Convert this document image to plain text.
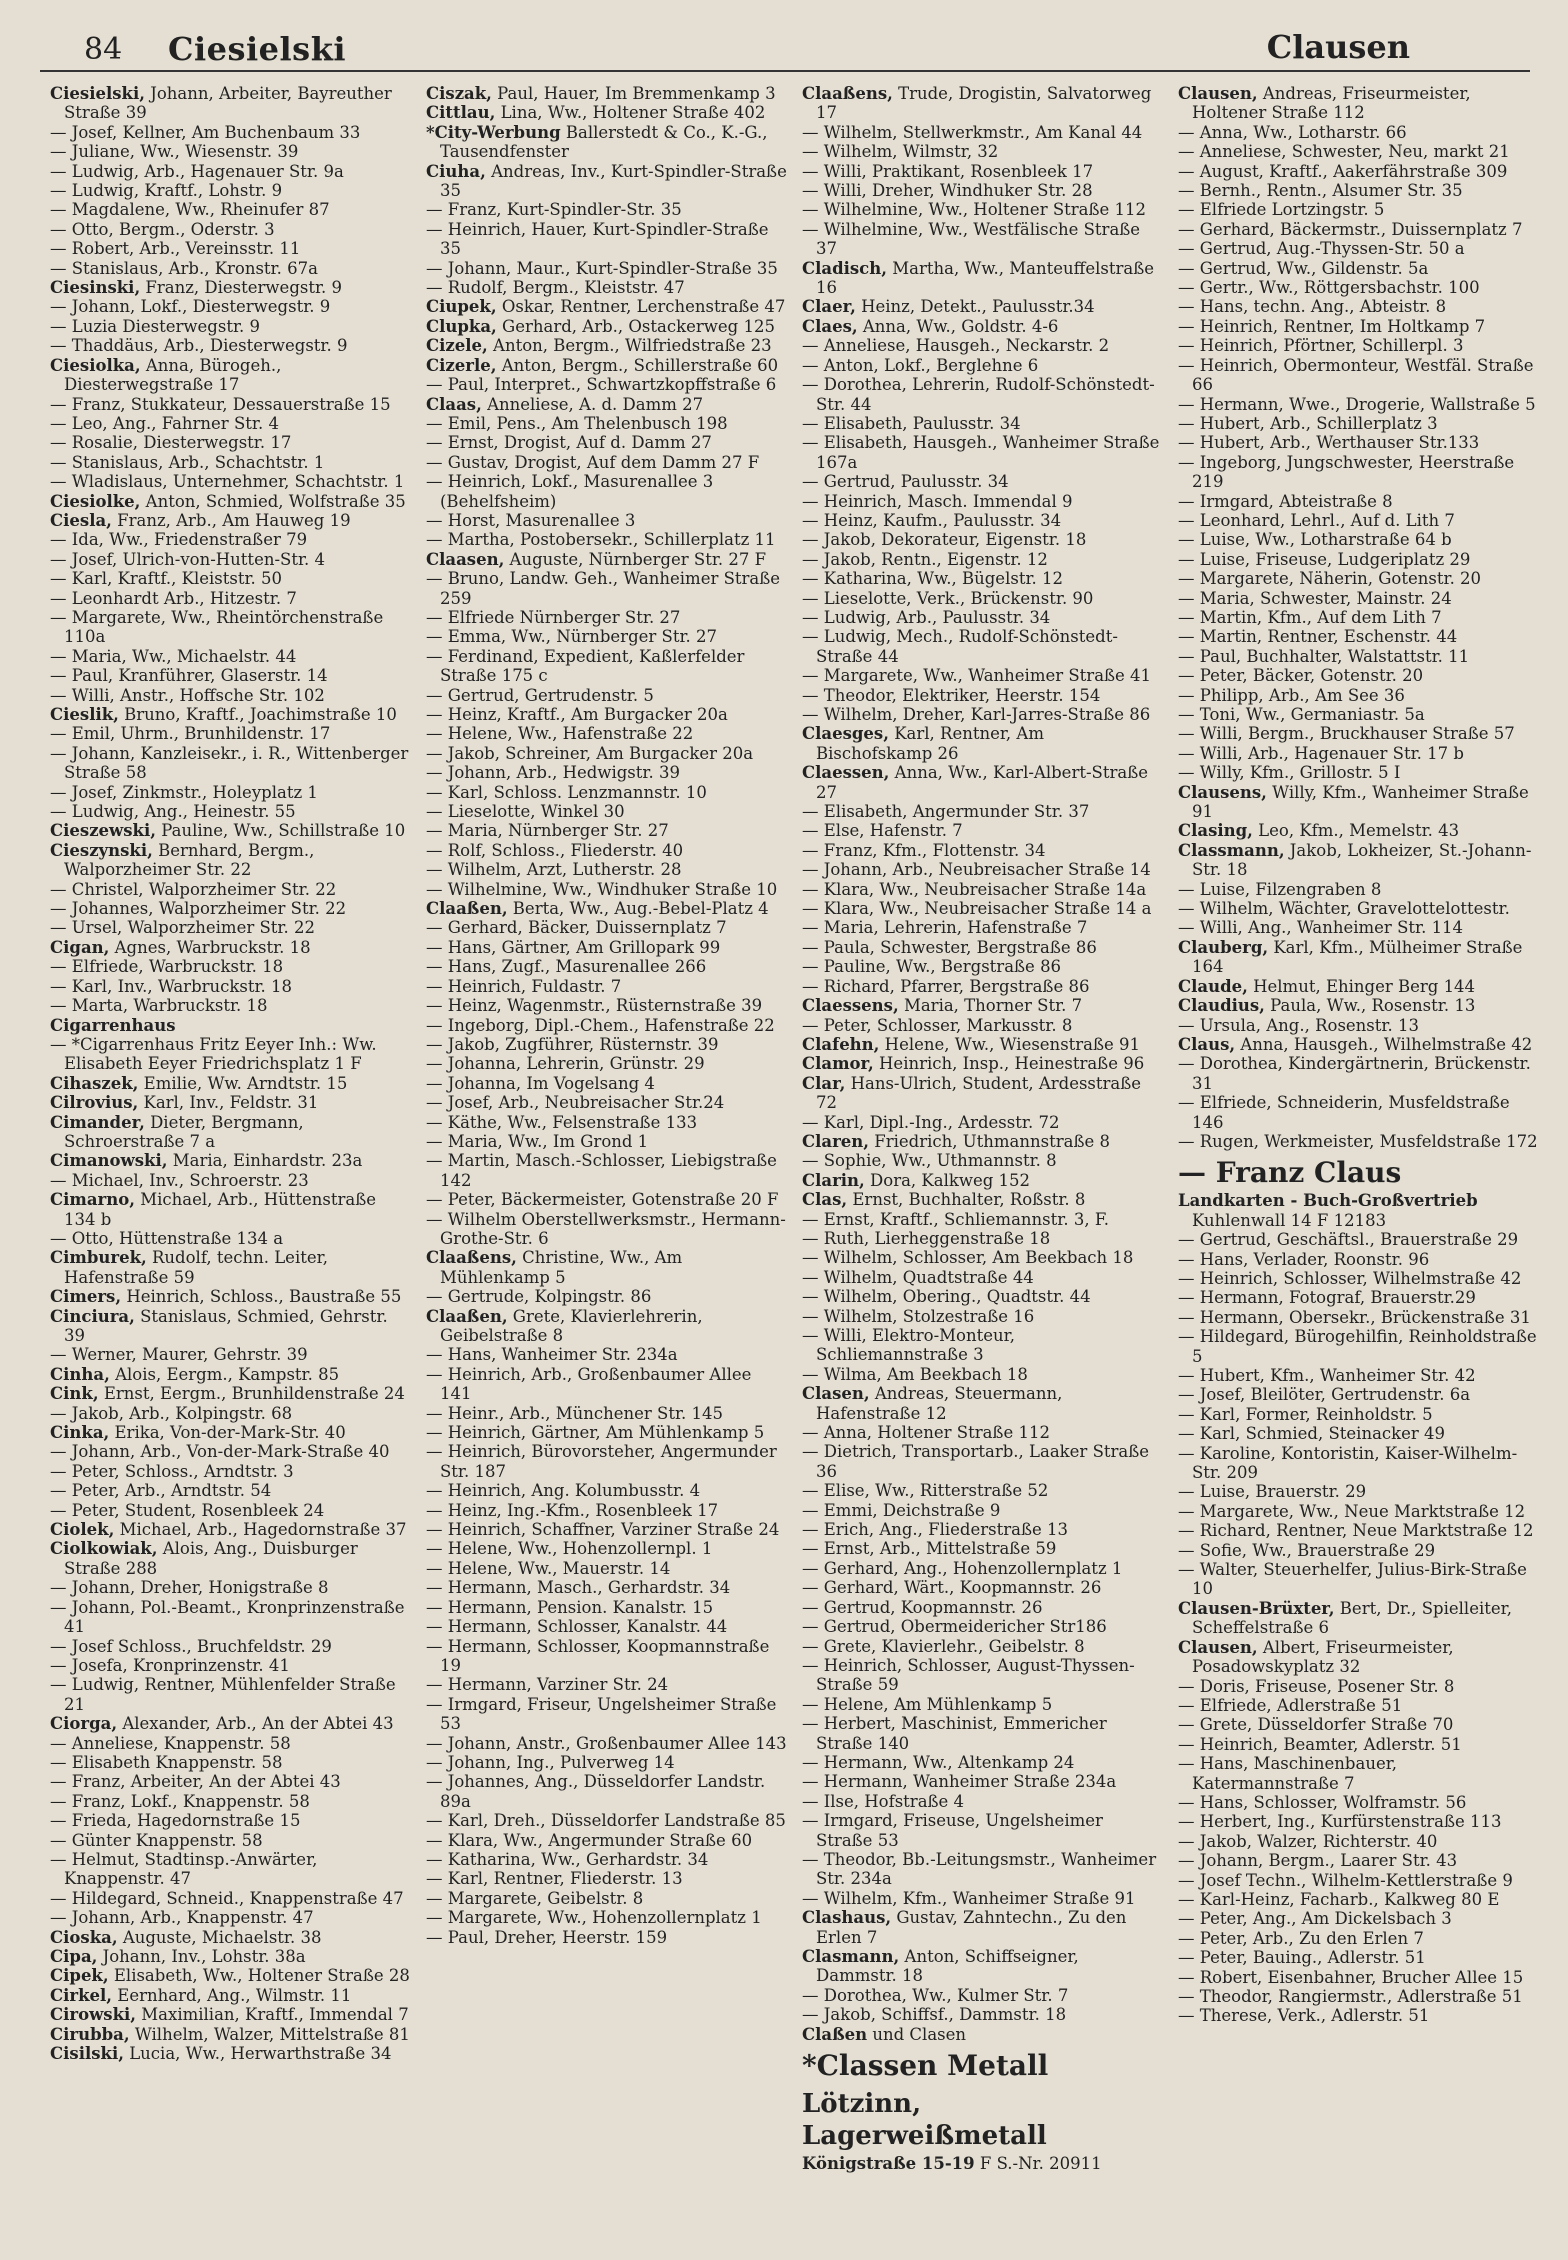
84 Ciesielski	Clausen
Ciesielski, Johann, Arbeiter, Bayreuther Straße 39
— Josef, Kellner, Am Buchenbaum 33
— Juliane, Ww., Wiesenstr. 39
— Ludwig, Arb., Hagenauer Str. 9a
— Ludwig, Kraftf., Lohstr. 9
— Magdalene, Ww., Rheinufer 87
— Otto, Bergm., Oderstr. 3
— Robert, Arb., Vereinsstr. 11
— Stanislaus, Arb., Kronstr. 67a
Ciesinski, Franz, Diesterwegstr. 9
— Johann, Lokf., Diesterwegstr. 9
— Luzia Diesterwegstr. 9
— Thaddäus, Arb., Diesterwegstr. 9
Ciesiolka, Anna, Bürogeh., Diesterwegstraße 17
— Franz, Stukkateur, Dessauerstraße 15
— Leo, Ang., Fahrner Str. 4
— Rosalie, Diesterwegstr. 17
— Stanislaus, Arb., Schachtstr. 1
— Wladislaus, Unternehmer, Schachtstr. 1
Ciesiolke, Anton, Schmied, Wolfstraße 35
Ciesla, Franz, Arb., Am Hauweg 19
— Ida, Ww., Friedenstraßer 79
— Josef, Ulrich-von-Hutten-Str. 4
— Karl, Kraftf., Kleiststr. 50
— Leonhardt Arb., Hitzestr. 7
— Margarete, Ww., Rheintörchenstraße 110a
— Maria, Ww., Michaelstr. 44
— Paul, Kranführer, Glaserstr. 14
— Willi, Anstr., Hoffsche Str. 102
Cieslik, Bruno, Kraftf., Joachimstraße 10
— Emil, Uhrm., Brunhildenstr. 17
— Johann, Kanzleisekr., i. R., Wittenberger Straße 58
— Josef, Zinkmstr., Holeyplatz 1
— Ludwig, Ang., Heinestr. 55
Cieszewski, Pauline, Ww., Schillstraße 10
Cieszynski, Bernhard, Bergm., Walporzheimer Str. 22
— Christel, Walporzheimer Str. 22
— Johannes, Walporzheimer Str. 22
— Ursel, Walporzheimer Str. 22
Cigan, Agnes, Warbruckstr. 18
— Elfriede, Warbruckstr. 18
— Karl, Inv., Warbruckstr. 18
— Marta, Warbruckstr. 18
Cigarrenhaus
— *Cigarrenhaus Fritz Eeyer Inh.: Ww. Elisabeth Eeyer Friedrichsplatz 1 F
Cihaszek, Emilie, Ww. Arndtstr. 15
Cilrovius, Karl, Inv., Feldstr. 31
Cimander, Dieter, Bergmann, Schroerstraße 7 a
Cimanowski, Maria, Einhardstr. 23a
— Michael, Inv., Schroerstr. 23
Cimarno, Michael, Arb., Hüttenstraße 134 b
— Otto, Hüttenstraße 134 a
Cimburek, Rudolf, techn. Leiter, Hafenstraße 59
Cimers, Heinrich, Schloss., Baustraße 55
Cinciura, Stanislaus, Schmied, Gehrstr. 39
— Werner, Maurer, Gehrstr. 39
Cinha, Alois, Eergm., Kampstr. 85
Cink, Ernst, Eergm., Brunhildenstraße 24
— Jakob, Arb., Kolpingstr. 68
Cinka, Erika, Von-der-Mark-Str. 40
— Johann, Arb., Von-der-Mark-Straße 40
— Peter, Schloss., Arndtstr. 3
— Peter, Arb., Arndtstr. 54
— Peter, Student, Rosenbleek 24
Ciolek, Michael, Arb., Hagedornstraße 37
Ciolkowiak, Alois, Ang., Duisburger Straße 288
— Johann, Dreher, Honigstraße 8
— Johann, Pol.-Beamt., Kronprinzenstraße 41
— Josef Schloss., Bruchfeldstr. 29
— Josefa, Kronprinzenstr. 41
— Ludwig, Rentner, Mühlenfelder Straße 21
Ciorga, Alexander, Arb., An der Abtei 43
— Anneliese, Knappenstr. 58
— Elisabeth Knappenstr. 58
— Franz, Arbeiter, An der Abtei 43
— Franz, Lokf., Knappenstr. 58
— Frieda, Hagedornstraße 15
— Günter Knappenstr. 58
— Helmut, Stadtinsp.-Anwärter, Knappenstr. 47
— Hildegard, Schneid., Knappenstraße 47
— Johann, Arb., Knappenstr. 47
Cioska, Auguste, Michaelstr. 38
Cipa, Johann, Inv., Lohstr. 38a
Cipek, Elisabeth, Ww., Holtener Straße 28
Cirkel, Eernhard, Ang., Wilmstr. 11
Cirowski, Maximilian, Kraftf., Immendal 7
Cirubba, Wilhelm, Walzer, Mittelstraße 81
Cisilski, Lucia, Ww., Herwarthstraße 34
Ciszak, Paul, Hauer, Im Bremmenkamp 3
Cittlau, Lina, Ww., Holtener Straße 402
*City-Werbung Ballerstedt & Co., K.-G., Tausendfenster
Ciuha, Andreas, Inv., Kurt-Spindler-Straße 35
— Franz, Kurt-Spindler-Str. 35
— Heinrich, Hauer, Kurt-Spindler-Straße 35
— Johann, Maur., Kurt-Spindler-Straße 35
— Rudolf, Bergm., Kleiststr. 47
Ciupek, Oskar, Rentner, Lerchenstraße 47
Clupka, Gerhard, Arb., Ostackerweg 125
Cizele, Anton, Bergm., Wilfriedstraße 23
Cizerle, Anton, Bergm., Schillerstraße 60
— Paul, Interpret., Schwartzkopffstraße 6
Claas, Anneliese, A. d. Damm 27
— Emil, Pens., Am Thelenbusch 198
— Ernst, Drogist, Auf d. Damm 27
— Gustav, Drogist, Auf dem Damm 27 F
— Heinrich, Lokf., Masurenallee 3 (Behelfsheim)
— Horst, Masurenallee 3
— Martha, Postobersekr., Schillerplatz 11
Claasen, Auguste, Nürnberger Str. 27 F
— Bruno, Landw. Geh., Wanheimer Straße 259
— Elfriede Nürnberger Str. 27
— Emma, Ww., Nürnberger Str. 27
— Ferdinand, Expedient, Kaßlerfelder Straße 175 c
— Gertrud, Gertrudenstr. 5
— Heinz, Kraftf., Am Burgacker 20a
— Helene, Ww., Hafenstraße 22
— Jakob, Schreiner, Am Burgacker 20a
— Johann, Arb., Hedwigstr. 39
— Karl, Schloss. Lenzmannstr. 10
— Lieselotte, Winkel 30
— Maria, Nürnberger Str. 27
— Rolf, Schloss., Fliederstr. 40
— Wilhelm, Arzt, Lutherstr. 28
— Wilhelmine, Ww., Windhuker Straße 10
Claaßen, Berta, Ww., Aug.-Bebel-Platz 4
— Gerhard, Bäcker, Duissernplatz 7
— Hans, Gärtner, Am Grillopark 99
— Hans, Zugf., Masurenallee 266
— Heinrich, Fuldastr. 7
— Heinz, Wagenmstr., Rüsternstraße 39
— Ingeborg, Dipl.-Chem., Hafenstraße 22
— Jakob, Zugführer, Rüsternstr. 39
— Johanna, Lehrerin, Grünstr. 29
— Johanna, Im Vogelsang 4
— Josef, Arb., Neubreisacher Str.24
— Käthe, Ww., Felsenstraße 133
— Maria, Ww., Im Grond 1
— Martin, Masch.-Schlosser, Liebigstraße 142
— Peter, Bäckermeister, Gotenstraße 20 F
— Wilhelm Oberstellwerksmstr., Hermann-Grothe-Str. 6
Claaßens, Christine, Ww., Am Mühlenkamp 5
— Gertrude, Kolpingstr. 86
Claaßen, Grete, Klavierlehrerin, Geibelstraße 8
— Hans, Wanheimer Str. 234a
— Heinrich, Arb., Großenbaumer Allee 141
— Heinr., Arb., Münchener Str. 145
— Heinrich, Gärtner, Am Mühlenkamp 5
— Heinrich, Bürovorsteher, Angermunder Str. 187
— Heinrich, Ang. Kolumbusstr. 4
— Heinz, Ing.-Kfm., Rosenbleek 17
— Heinrich, Schaffner, Varziner Straße 24
— Helene, Ww., Hohenzollernpl. 1
— Helene, Ww., Mauerstr. 14
— Hermann, Masch., Gerhardstr. 34
— Hermann, Pension. Kanalstr. 15
— Hermann, Schlosser, Kanalstr. 44
— Hermann, Schlosser, Koopmannstraße 19
— Hermann, Varziner Str. 24
— Irmgard, Friseur, Ungelsheimer Straße 53
— Johann, Anstr., Großenbaumer Allee 143
— Johann, Ing., Pulverweg 14
— Johannes, Ang., Düsseldorfer Landstr. 89a
— Karl, Dreh., Düsseldorfer Landstraße 85
— Klara, Ww., Angermunder Straße 60
— Katharina, Ww., Gerhardstr. 34
— Karl, Rentner, Fliederstr. 13
— Margarete, Geibelstr. 8
— Margarete, Ww., Hohenzollernplatz 1
— Paul, Dreher, Heerstr. 159
Claaßens, Trude, Drogistin, Salvatorweg 17
— Wilhelm, Stellwerkmstr., Am Kanal 44
— Wilhelm, Wilmstr, 32
— Willi, Praktikant, Rosenbleek 17
— Willi, Dreher, Windhuker Str. 28
— Wilhelmine, Ww., Holtener Straße 112
— Wilhelmine, Ww., Westfälische Straße 37
Cladisch, Martha, Ww., Manteuffelstraße 16
Claer, Heinz, Detekt., Paulusstr.34
Claes, Anna, Ww., Goldstr. 4-6
— Anneliese, Hausgeh., Neckarstr. 2
— Anton, Lokf., Berglehne 6
— Dorothea, Lehrerin, Rudolf-Schönstedt-Str. 44
— Elisabeth, Paulusstr. 34
— Elisabeth, Hausgeh., Wanheimer Straße 167a
— Gertrud, Paulusstr. 34
— Heinrich, Masch. Immendal 9
— Heinz, Kaufm., Paulusstr. 34
— Jakob, Dekorateur, Eigenstr. 18
— Jakob, Rentn., Eigenstr. 12
— Katharina, Ww., Bügelstr. 12
— Lieselotte, Verk., Brückenstr. 90
— Ludwig, Arb., Paulusstr. 34
— Ludwig, Mech., Rudolf-Schönstedt-Straße 44
— Margarete, Ww., Wanheimer Straße 41
— Theodor, Elektriker, Heerstr. 154
— Wilhelm, Dreher, Karl-Jarres-Straße 86
Claesges, Karl, Rentner, Am Bischofskamp 26
Claessen, Anna, Ww., Karl-Albert-Straße 27
— Elisabeth, Angermunder Str. 37
— Else, Hafenstr. 7
— Franz, Kfm., Flottenstr. 34
— Johann, Arb., Neubreisacher Straße 14
— Klara, Ww., Neubreisacher Straße 14a
— Klara, Ww., Neubreisacher Straße 14 a
— Maria, Lehrerin, Hafenstraße 7
— Paula, Schwester, Bergstraße 86
— Pauline, Ww., Bergstraße 86
— Richard, Pfarrer, Bergstraße 86
Claessens, Maria, Thorner Str. 7
— Peter, Schlosser, Markusstr. 8
Clafehn, Helene, Ww., Wiesenstraße 91
Clamor, Heinrich, Insp., Heinestraße 96
Clar, Hans-Ulrich, Student, Ardesstraße 72
— Karl, Dipl.-Ing., Ardesstr. 72
Claren, Friedrich, Uthmannstraße 8
— Sophie, Ww., Uthmannstr. 8
Clarin, Dora, Kalkweg 152
Clas, Ernst, Buchhalter, Roßstr. 8
— Ernst, Kraftf., Schliemannstr. 3, F.
— Ruth, Lierheggenstraße 18
— Wilhelm, Schlosser, Am Beekbach 18
— Wilhelm, Quadtstraße 44
— Wilhelm, Obering., Quadtstr. 44
— Wilhelm, Stolzestraße 16
— Willi, Elektro-Monteur, Schliemannstraße 3
— Wilma, Am Beekbach 18
Clasen, Andreas, Steuermann, Hafenstraße 12
— Anna, Holtener Straße 112
— Dietrich, Transportarb., Laaker Straße 36
— Elise, Ww., Ritterstraße 52
— Emmi, Deichstraße 9
— Erich, Ang., Fliederstraße 13
— Ernst, Arb., Mittelstraße 59
— Gerhard, Ang., Hohenzollernplatz 1
— Gerhard, Wärt., Koopmannstr. 26
— Gertrud, Koopmannstr. 26
— Gertrud, Obermeidericher Str186
— Grete, Klavierlehr., Geibelstr. 8
— Heinrich, Schlosser, August-Thyssen-Straße 59
— Helene, Am Mühlenkamp 5
— Herbert, Maschinist, Emmericher Straße 140
— Hermann, Ww., Altenkamp 24
— Hermann, Wanheimer Straße 234a
— Ilse, Hofstraße 4
— Irmgard, Friseuse, Ungelsheimer Straße 53
— Theodor, Bb.-Leitungsmstr., Wanheimer Str. 234a
— Wilhelm, Kfm., Wanheimer Straße 91
Clashaus, Gustav, Zahntechn., Zu den Erlen 7
Clasmann, Anton, Schiffseigner, Dammstr. 18
— Dorothea, Ww., Kulmer Str. 7
— Jakob, Schiffsf., Dammstr. 18
Claßen und Clasen
*Classen Metall
Lötzinn, Lagerweißmetall
Königstraße 15-19 F S.-Nr. 20911
Clausen, Andreas, Friseurmeister, Holtener Straße 112
— Anna, Ww., Lotharstr. 66
— Anneliese, Schwester, Neu, markt 21
— August, Kraftf., Aakerfährstraße 309
— Bernh., Rentn., Alsumer Str. 35
— Elfriede Lortzingstr. 5
— Gerhard, Bäckermstr., Duissernplatz 7
— Gertrud, Aug.-Thyssen-Str. 50 a
— Gertrud, Ww., Gildenstr. 5a
— Gertr., Ww., Röttgersbachstr. 100
— Hans, techn. Ang., Abteistr. 8
— Heinrich, Rentner, Im Holtkamp 7
— Heinrich, Pförtner, Schillerpl. 3
— Heinrich, Obermonteur, Westfäl. Straße 66
— Hermann, Wwe., Drogerie, Wallstraße 5
— Hubert, Arb., Schillerplatz 3
— Hubert, Arb., Werthauser Str.133
— Ingeborg, Jungschwester, Heerstraße 219
— Irmgard, Abteistraße 8
— Leonhard, Lehrl., Auf d. Lith 7
— Luise, Ww., Lotharstraße 64 b
— Luise, Friseuse, Ludgeriplatz 29
— Margarete, Näherin, Gotenstr. 20
— Maria, Schwester, Mainstr. 24
— Martin, Kfm., Auf dem Lith 7
— Martin, Rentner, Eschenstr. 44
— Paul, Buchhalter, Walstattstr. 11
— Peter, Bäcker, Gotenstr. 20
— Philipp, Arb., Am See 36
— Toni, Ww., Germaniastr. 5a
— Willi, Bergm., Bruckhauser Straße 57
— Willi, Arb., Hagenauer Str. 17 b
— Willy, Kfm., Grillostr. 5 I
Clausens, Willy, Kfm., Wanheimer Straße 91
Clasing, Leo, Kfm., Memelstr. 43
Classmann, Jakob, Lokheizer, St.-Johann-Str. 18
— Luise, Filzengraben 8
— Wilhelm, Wächter, Gravelottelottestr.
— Willi, Ang., Wanheimer Str. 114
Clauberg, Karl, Kfm., Mülheimer Straße 164
Claude, Helmut, Ehinger Berg 144
Claudius, Paula, Ww., Rosenstr. 13
— Ursula, Ang., Rosenstr. 13
Claus, Anna, Hausgeh., Wilhelmstraße 42
— Dorothea, Kindergärtnerin, Brückenstr. 31
— Elfriede, Schneiderin, Musfeldstraße 146
— Rugen, Werkmeister, Musfeldstraße 172
— Franz Claus
Landkarten - Buch-Großvertrieb Kuhlenwall 14 F 12183
— Gertrud, Geschäftsl., Brauerstraße 29
— Hans, Verlader, Roonstr. 96
— Heinrich, Schlosser, Wilhelmstraße 42
— Hermann, Fotograf, Brauerstr.29
— Hermann, Obersekr., Brückenstraße 31
— Hildegard, Bürogehilfin, Reinholdstraße 5
— Hubert, Kfm., Wanheimer Str. 42
— Josef, Bleilöter, Gertrudenstr. 6a
— Karl, Former, Reinholdstr. 5
— Karl, Schmied, Steinacker 49
— Karoline, Kontoristin, Kaiser-Wilhelm-Str. 209
— Luise, Brauerstr. 29
— Margarete, Ww., Neue Marktstraße 12
— Richard, Rentner, Neue Marktstraße 12
— Sofie, Ww., Brauerstraße 29
— Walter, Steuerhelfer, Julius-Birk-Straße 10
Clausen-Brüxter, Bert, Dr., Spielleiter, Scheffelstraße 6
Clausen, Albert, Friseurmeister, Posadowskyplatz 32
— Doris, Friseuse, Posener Str. 8
— Elfriede, Adlerstraße 51
— Grete, Düsseldorfer Straße 70
— Heinrich, Beamter, Adlerstr. 51
— Hans, Maschinenbauer, Katermannstraße 7
— Hans, Schlosser, Wolframstr. 56
— Herbert, Ing., Kurfürstenstraße 113
— Jakob, Walzer, Richterstr. 40
— Johann, Bergm., Laarer Str. 43
— Josef Techn., Wilhelm-Kettlerstraße 9
— Karl-Heinz, Facharb., Kalkweg 80 E
— Peter, Ang., Am Dickelsbach 3
— Peter, Arb., Zu den Erlen 7
— Peter, Bauing., Adlerstr. 51
— Robert, Eisenbahner, Brucher Allee 15
— Theodor, Rangiermstr., Adlerstraße 51
— Therese, Verk., Adlerstr. 51
